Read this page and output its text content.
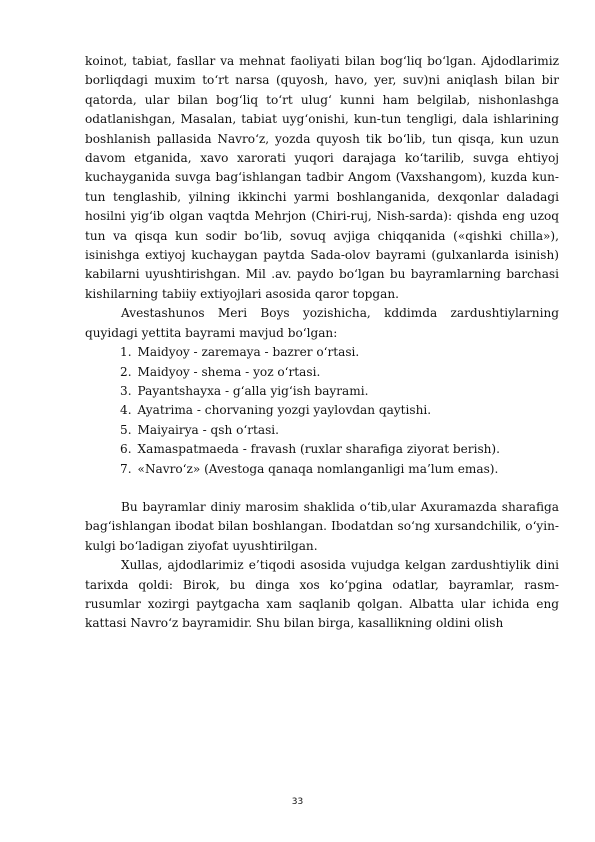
koinot, tabiat, fasllar va mehnat faoliyati bilan bog‘liq bo‘lgan. Ajdodlarimiz borliqdagi muxim to‘rt narsa (quyosh, havo, yer, suv)ni aniqlash bilan bir qatorda, ular bilan bog‘liq to‘rt ulug‘ kunni ham belgilab, nishonlashga odatlanishgan, Masalan, tabiat uyg‘onishi, kun-tun tengligi, dala ishlarining boshlanish pallasida Navro‘z, yozda quyosh tik bo‘lib, tun qisqa, kun uzun davom etganida, xavo xarorati yuqori darajaga ko‘tarilib, suvga ehtiyoj kuchayganida suvga bag‘ishlangan tadbir Angom (Vaxshangom), kuzda kun-tun tenglashib, yilning ikkinchi yarmi boshlanganida, dexqonlar daladagi hosilni yig‘ib olgan vaqtda Mehrjon (Chiri-ruj, Nish-sarda): qishda eng uzoq tun va qisqa kun sodir bo‘lib, sovuq avjiga chiqqanida («qishki chilla»), isinishga extiyoj kuchaygan paytda Sada-olov bayrami (gulxanlarda isinish) kabilarni uyushtirishgan. Mil .av. paydo bo‘lgan bu bayramlarning barchasi kishilarning tabiiy extiyojlari asosida qaror topgan.

Avestashunos Meri Boys yozishicha, kddimda zardushtiylarning quyidagi yettita bayrami mavjud bo‘lgan:

1. Maidyoy - zaremaya - bazrer o‘rtasi.
2. Maidyoy - shema - yoz o‘rtasi.
3. Payantshayxa - g‘alla yig‘ish bayrami.
4. Ayatrima - chorvaning yozgi yaylovdan qaytishi.
5. Maiyairya - qsh o‘rtasi.
6. Xamaspatmaeda - fravash (ruxlar sharafiga ziyorat berish).
7. «Navro‘z» (Avestoga qanaqa nomlanganligi ma’lum emas).

Bu bayramlar diniy marosim shaklida o‘tib,ular Axuramazda sharafiga bag‘ishlangan ibodat bilan boshlangan. Ibodatdan so‘ng xursandchilik, o‘yin-kulgi bo‘ladigan ziyofat uyushtirilgan.

Xullas, ajdodlarimiz e’tiqodi asosida vujudga kelgan zardushtiylik dini tarixda qoldi: Birok, bu dinga xos ko‘pgina odatlar, bayramlar, rasm-rusumlar xozirgi paytgacha xam saqlanib qolgan. Albatta ular ichida eng kattasi Navro‘z bayramidir. Shu bilan birga, kasallikning oldini olish

33
